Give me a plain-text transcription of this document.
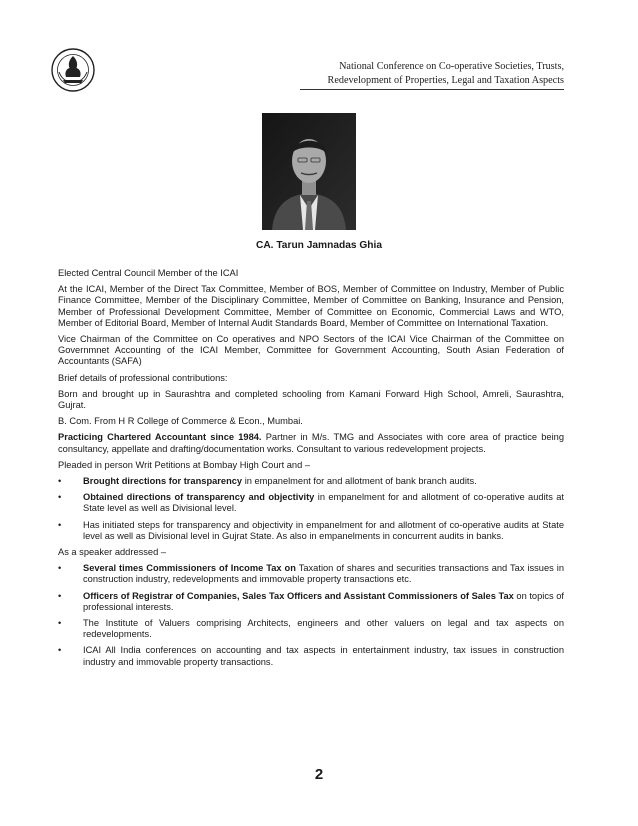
National Conference on Co-operative Societies, Trusts,
Redevelopment of Properties, Legal and Taxation Aspects
CA. Tarun Jamnadas Ghia

Elected Central Council Member of the ICAI

At the ICAI, Member of the Direct Tax Committee, Member of BOS, Member of Committee on Industry, Member of Public Finance Committee, Member of the Disciplinary Committee, Member of Committee on Banking, Insurance and Pension, Member of Professional Development Committee, Member of Committee on Economic, Commercial Laws and WTO, Member of Editorial Board, Member of Internal Audit Standards Board, Member of Committee on International Taxation.

Vice Chairman of the Committee on Co operatives and NPO Sectors of the ICAI Vice Chairman of the Committee on Governmnet Accounting of the ICAI Member, Committee for Government Accounting, South Asian Federation of Accountants (SAFA)

Brief details of professional contributions:

Born and brought up in Saurashtra and completed schooling from Kamani Forward High School, Amreli, Saurashtra, Gujrat.

B. Com. From H R College of Commerce & Econ., Mumbai.

Practicing Chartered Accountant since 1984. Partner in M/s. TMG and Associates with core area of practice being consultancy, appellate and drafting/documentation works. Consultant to various redevelopment projects.

Pleaded in person Writ Petitions at Bombay High Court and –

• Brought directions for transparency in empanelment for and allotment of bank branch audits.
• Obtained directions of transparency and objectivity in empanelment for and allotment of co-operative audits at State level as well as Divisional level.
• Has initiated steps for transparency and objectivity in empanelment for and allotment of co-operative audits at State level as well as Divisional level in Gujrat State. As also in empanelments in concurrent audits in banks.

As a speaker addressed –

• Several times Commissioners of Income Tax on Taxation of shares and securities transactions and Tax issues in construction industry, redevelopments and immovable property transactions etc.
• Officers of Registrar of Companies, Sales Tax Officers and Assistant Commissioners of Sales Tax on topics of professional interests.
• The Institute of Valuers comprising Architects, engineers and other valuers on legal and tax aspects on redevelopments.
• ICAI All India conferences on accounting and tax aspects in entertainment industry, tax issues in construction industry and immovable property transactions.
2
